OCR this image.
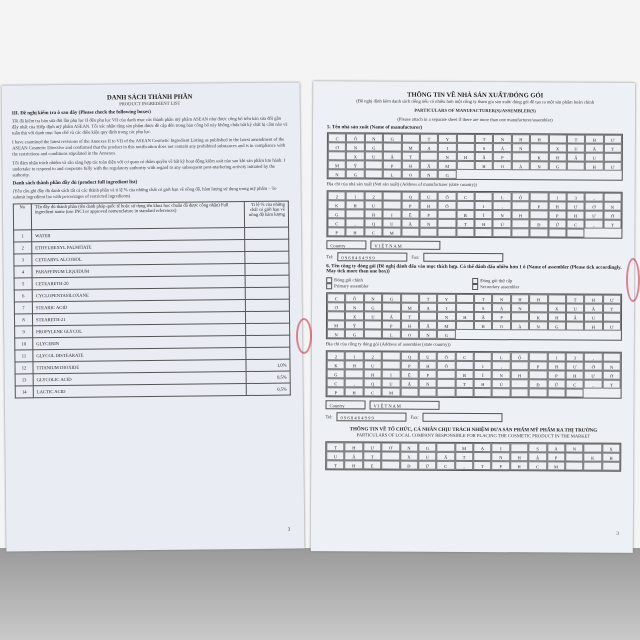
DANH SÁCH THÀNH PHẦN
PRODUCT INGREDIENT LIST
III. Đề nghị kiểm tra ô sau đây (Please check the following boxes)
Tôi đã kiểm tra bản sửa đổi lần phụ lục II đến phụ lục VII của danh mục các thành phần mỹ phẩm ASEAN như được công bố trên bản sửa đổi gần đây nhất của Hiệp định mỹ phẩm ASEAN. Tôi xác nhận rằng sản phẩm được đề cập đến trong bản công bố này không chứa bất kỳ chất bị cấm nào và tuân thủ với danh mục hạn chế và các điều kiện quy định trong các phụ lục.
I have examined the latest revisions of the Annexes II to VII of the ASEAN Cosmetic Ingredient Listing as published in the latest amendment of the ASEAN Cosmetic Directive and confirmed that the product in this notification does not contain any prohibited substances and is in compliance with the restrictions and conditions stipulated in the Annexes.
Tôi đảm nhận trách nhiệm và sẵn sàng hợp tác toàn diện với cơ quan có thẩm quyền về bất kỳ hoạt động kiểm soát nào sau khi sản phẩm lưu hành. I undertake to respond to and cooperate fully with the regulatory authority with regard to any subsequent post-marketing activity initiated by the authority.
Danh sách thành phần đầy đủ (product full ingredient list)
(Yêu cầu ghi đầy đủ danh sách tất cả các thành phần và tỉ lệ % của những chất có giới hạn về nồng độ, hàm lượng sử dụng trong mỹ phẩm – To submit ingredient list with percentages of restricted ingredients)
No	Tên đầy đủ thành phần (tên danh pháp quốc tế hoặc sử dụng tên khoa học chuẩn đã được công nhận) Full ingredient name (use INCI or approved nomenclature in standard references)	Tỉ lệ % của những chất có giới hạn về nồng độ hàm lượng
1	WATER	
2	ETHYLHEXYL PALMITATE	
3	CETEARYL ALCOHOL	
4	PARAFFINUM LIQUIDUM	
5	CETEARETH-20	
6	CYCLOPENTASILOXANE	
7	STEARIC ACID	
8	STEARETH-21	
9	PROPYLENE GLYCOL	
10	GLYCERIN	
11	GLYCOL DISTEARATE	
12	TITANIUM DIOXIDE	1,0%
13	GLYCOLIC ACID	0,5%
14	LACTIC ACID	0,5%
3
THÔNG TIN VỀ NHÀ SẢN XUẤT/ĐÓNG GÓI
(Đề nghị đính kèm danh sách riêng nếu có nhiều hơn một công ty tham gia sản xuất/ đóng gói đề tạo ra một sản phẩm hoàn chỉnh
PARTICULARS OF MANUFACTURER(S)/ASSEMBLER(S)
(Please attach in a separate sheet if there are more than one manufacturer/assembler)
5. Tên nhà sản xuất (Name of manufacturer)
C	Ô	N	G	T	Y	T	N	H	H	T	H	Ư
Ơ	N	G	M	Ạ	I	S	Ả	N	X	U	Ấ	T
X	U	Ấ	T	N	H	Ậ	P	K	H	Ẩ	U
M	Ỹ	P	H	Ẩ	M	H	O	À	N	G	H	Ư
N	G	L	O	N	G
Địa chỉ của nhà sản xuất (Nơi sản xuất) (Address of manufacturer (state country))
2	1	2	Q	U	Ố	C	L	Ộ	1	3	,
K	H	U	P	H	Ố	1	,	P	H	Ư	Ờ	N
G	H	I	Ệ	P	B	Ì	N	H	P	H	Ư	Ớ
C	,	Q	U	Ậ	N	T	H	Ủ	Đ	Ứ	C	,	T
P	H	C	M
Country	V I Ệ T N A M
Tel:	0 9 6 8 4 6 4 9 9 9	Fax:
6. Tên công ty đóng gói (Đề nghị đánh dấu vào mục thích hợp. Có thể đánh dấu nhiều hơn 1 ô (Name of assembler (Please tick accordingly. May tick more than one box))
Đóng gói chính
Primary assembler
Đóng gói thứ cấp
Secondary assembler
C	Ô	N	G	T	Y	T	N	H	H	T	H	Ư
Ơ	N	G	M	Ạ	I	S	Ả	N	X	U	Ấ	T
X	U	Ấ	T	N	H	Ậ	P	K	H	Ẩ	U
M	Ỹ	P	H	Ẩ	M	H	O	À	N	G	H	Ư
N	G	L	O	N	G
Địa chỉ của công ty đóng gói (Address of assembler (state country))
2	1	2	Q	U	Ố	C	L	Ộ	1	3	,
K	H	U	P	H	Ố	1	,	P	H	Ư	Ờ	N
G	H	I	Ệ	P	B	Ì	N	H	P	H	Ư	Ớ
C	,	Q	U	Ậ	N	T	H	Ủ	Đ	Ứ	C	,	T
P	H	C	M
Country	V I Ệ T N A M
Tel:	0 9 6 8 4 6 4 9 9 9	Fax:
THÔNG TIN VỀ TỔ CHỨC, CÁ NHÂN CHỊU TRÁCH NHIỆM ĐƯA SẢN PHẨM MỸ PHẨM RA THỊ TRƯỜNG
PARTICULARS OF LOCAL COMPANY RESPONSIBLE FOR PLACING THE COSMETIC PRODUCT IN THE MARKET
T	H	Ư	Ơ	N	G	M	Ạ	I	S	Ả	N	X
U	Ấ	T	X	U	Ấ	T	N	H	Ậ	P	K	H
T	H	E	Đ	Ứ	C	,	T	P	H	C	M
3
